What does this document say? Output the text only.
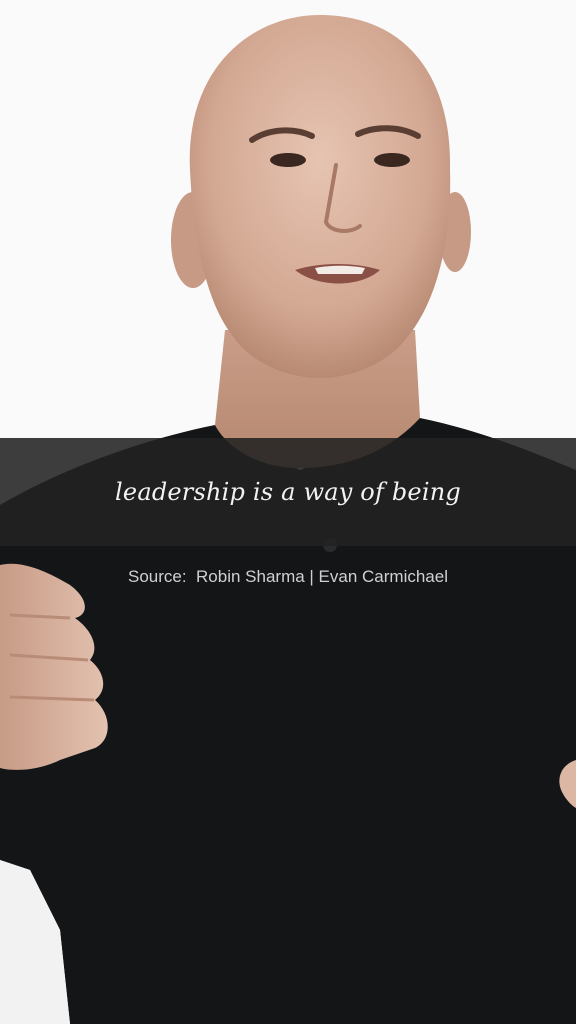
leadership is a way of being
Source:  Robin Sharma | Evan Carmichael
